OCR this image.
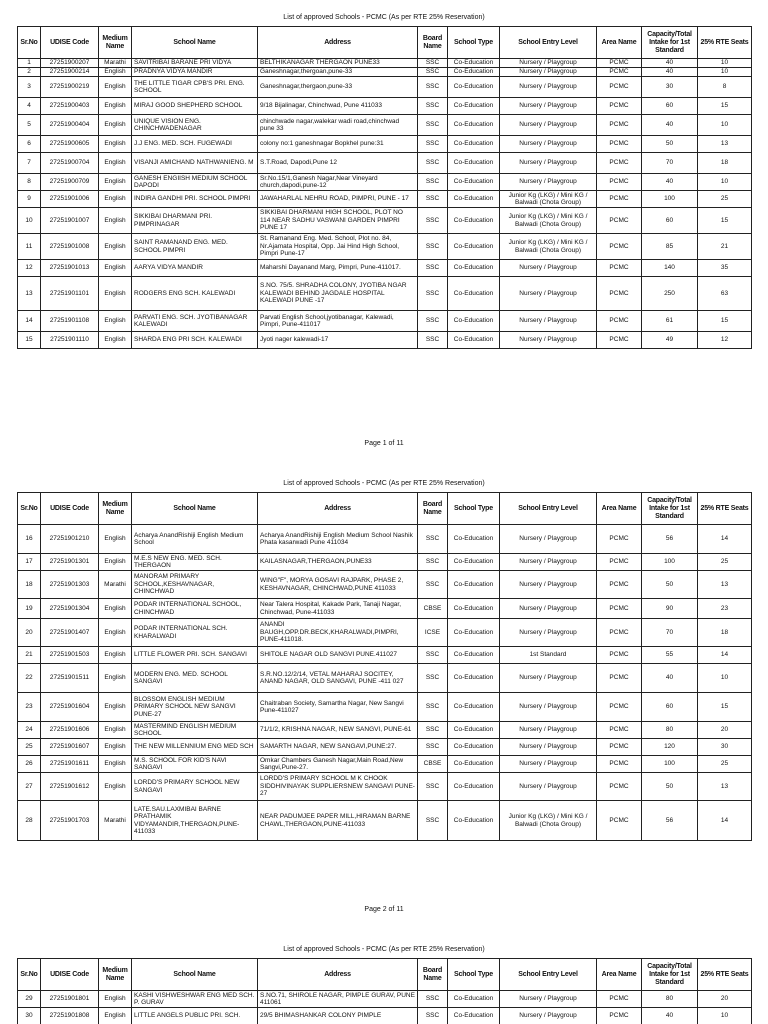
List of approved Schools - PCMC (As per RTE 25% Reservation)
Sr.No	UDISE Code	Medium Name	School Name	Address	Board Name	School Type	School Entry Level	Area Name	Capacity/Total Intake for 1st Standard	25% RTE Seats
1	27251900207	Marathi	SAVITRIBAI BARANE PRI VIDYA	BELTHIKANAGAR THERGAON PUNE33	SSC	Co-Education	Nursery / Playgroup	PCMC	40	10
2	27251900214	English	PRADNYA VIDYA MANDIR	Ganeshnagar,thergoan,pune-33	SSC	Co-Education	Nursery / Playgroup	PCMC	40	10
3	27251900219	English	THE LITTLE TIGAR CPB'S PRI. ENG. SCHOOL	Ganeshnagar,thergaon,pune-33	SSC	Co-Education	Nursery / Playgroup	PCMC	30	8
4	27251900403	English	MIRAJ GOOD SHEPHERD SCHOOL	9/18 Bijalinagar, Chinchwad, Pune 411033	SSC	Co-Education	Nursery / Playgroup	PCMC	60	15
5	27251900404	English	UNIQUE VISION ENG. CHINCHWADENAGAR	chinchwade nagar,walekar wadi road,chinchwad pune 33	SSC	Co-Education	Nursery / Playgroup	PCMC	40	10
6	27251900605	English	J.J ENG. MED. SCH. FUGEWADI	colony no:1 ganeshnagar Bopkhel pune:31	SSC	Co-Education	Nursery / Playgroup	PCMC	50	13
7	27251900704	English	VISANJI AMICHAND NATHWANIENG. M	S.T.Road, Dapodi,Pune 12	SSC	Co-Education	Nursery / Playgroup	PCMC	70	18
8	27251900709	English	GANESH ENGIISH MEDIUM SCHOOL DAPODI	Sr.No.15/1,Ganesh Nagar,Near Vineyard church,dapodi,pune-12	SSC	Co-Education	Nursery / Playgroup	PCMC	40	10
9	27251901006	English	INDIRA GANDHI PRI. SCHOOL PIMPRI	JAWAHARLAL NEHRU ROAD, PIMPRI, PUNE - 17	SSC	Co-Education	Junior Kg (LKG) / Mini KG / Balwadi (Chota Group)	PCMC	100	25
10	27251901007	English	SIKKIBAI DHARMANI PRI. PIMPRINAGAR	SIKKIBAI DHARMANI HIGH SCHOOL, PLOT NO 114 NEAR SADHU VASWANI GARDEN PIMPRI PUNE 17	SSC	Co-Education	Junior Kg (LKG) / Mini KG / Balwadi (Chota Group)	PCMC	60	15
11	27251901008	English	SAINT RAMANAND ENG. MED. SCHOOL PIMPRI	St. Ramanand Eng. Med. School, Plot no. 84, Nr.Ajamata Hospital, Opp. Jai Hind High School, Pimpri Pune-17	SSC	Co-Education	Junior Kg (LKG) / Mini KG / Balwadi (Chota Group)	PCMC	85	21
12	27251901013	English	AARYA VIDYA MANDIR	Maharshi Dayanand Marg, Pimpri, Pune-411017.	SSC	Co-Education	Nursery / Playgroup	PCMC	140	35
13	27251901101	English	RODGERS ENG SCH. KALEWADI	S.NO. 75/5. SHRADHA COLONY, JYOTIBA NGAR KALEWADI BEHIND JAGDALE HOSPITAL KALEWADI PUNE -17	SSC	Co-Education	Nursery / Playgroup	PCMC	250	63
14	27251901108	English	PARVATI ENG. SCH. JYOTIBANAGAR KALEWADI	Parvati English School,jyotibanagar, Kalewadi, Pimpri, Pune-411017	SSC	Co-Education	Nursery / Playgroup	PCMC	61	15
15	27251901110	English	SHARDA ENG PRI SCH. KALEWADI	Jyoti nager kalewadi-17	SSC	Co-Education	Nursery / Playgroup	PCMC	49	12
Page 1 of 11
List of approved Schools - PCMC (As per RTE 25% Reservation)
Sr.No	UDISE Code	Medium Name	School Name	Address	Board Name	School Type	School Entry Level	Area Name	Capacity/Total Intake for 1st Standard	25% RTE Seats
16	27251901210	English	Acharya AnandRishiji English Medium School	Acharya AnandRishiji English Medium School Nashik Phata kasarwadi Pune 411034	SSC	Co-Education	Nursery / Playgroup	PCMC	56	14
17	27251901301	English	M.E.S NEW ENG. MED. SCH. THERGAON	KAILASNAGAR,THERGAON,PUNE33	SSC	Co-Education	Nursery / Playgroup	PCMC	100	25
18	27251901303	Marathi	MANORAM PRIMARY SCHOOL,KESHAVNAGAR, CHINCHWAD	WING"F", MORYA GOSAVI RAJPARK, PHASE 2, KESHAVNAGAR, CHINCHWAD,PUNE 411033	SSC	Co-Education	Nursery / Playgroup	PCMC	50	13
19	27251901304	English	PODAR INTERNATIONAL SCHOOL, CHINCHWAD	Near Talera Hospital, Kakade Park, Tanaji Nagar, Chinchwad, Pune-411033	CBSE	Co-Education	Nursery / Playgroup	PCMC	90	23
20	27251901407	English	PODAR INTERNATIONAL SCH. KHARALWADI	ANANDI BAUGH,OPP.DR.BECK,KHARALWADI,PIMPRI, PUNE-411018.	ICSE	Co-Education	Nursery / Playgroup	PCMC	70	18
21	27251901503	English	LITTLE FLOWER PRI. SCH. SANGAVI	SHITOLE NAGAR OLD SANGVI PUNE.411027	SSC	Co-Education	1st Standard	PCMC	55	14
22	27251901511	English	MODERN ENG. MED. SCHOOL SANGAVI	S.R.NO.12/2/14, VETAL MAHARAJ SOCITEY, ANAND NAGAR, OLD SANGAVI, PUNE -411 027	SSC	Co-Education	Nursery / Playgroup	PCMC	40	10
23	27251901604	English	BLOSSOM ENGLISH MEDIUM PRIMARY SCHOOL NEW SANGVI PUNE-27	Chaitraban Society, Samartha Nagar, New Sangvi Pune-411027	SSC	Co-Education	Nursery / Playgroup	PCMC	60	15
24	27251901606	English	MASTERMIND ENGLISH MEDIUM SCHOOL	71/1/2, KRISHNA NAGAR, NEW SANGVI, PUNE-61	SSC	Co-Education	Nursery / Playgroup	PCMC	80	20
25	27251901607	English	THE NEW MILLENNIUM ENG MED SCH	SAMARTH NAGAR, NEW SANGAVI,PUNE:27.	SSC	Co-Education	Nursery / Playgroup	PCMC	120	30
26	27251901611	English	M.S. SCHOOL FOR KID'S NAVI SANGAVI	Omkar Chambers Ganesh Nagar,Main Road,New Sangvi,Pune-27.	CBSE	Co-Education	Nursery / Playgroup	PCMC	100	25
27	27251901612	English	LORDD'S PRIMARY SCHOOL NEW SANGAVI	LORDD'S PRIMARY SCHOOL M K CHOOK SIDDHIVINAYAK SUPPLIERSNEW SANGAVI PUNE-27	SSC	Co-Education	Nursery / Playgroup	PCMC	50	13
28	27251901703	Marathi	LATE.SAU.LAXMIBAI BARNE PRATHAMIK VIDYAMANDIR,THERGAON,PUNE-411033	NEAR PADUMJEE PAPER MILL,HIRAMAN BARNE CHAWL,THERGAON,PUNE-411033	SSC	Co-Education	Junior Kg (LKG) / Mini KG / Balwadi (Chota Group)	PCMC	56	14
Page 2 of 11
List of approved Schools - PCMC (As per RTE 25% Reservation)
Sr.No	UDISE Code	Medium Name	School Name	Address	Board Name	School Type	School Entry Level	Area Name	Capacity/Total Intake for 1st Standard	25% RTE Seats
29	27251901801	English	KASHI VISHWESHWAR ENG MED SCH. P. GURAV	S.NO.71, SHIROLE NAGAR, PIMPLE GURAV, PUNE 411061	SSC	Co-Education	Nursery / Playgroup	PCMC	80	20
30	27251901808	English	LITTLE ANGELS PUBLIC PRI. SCH.	29/5 BHIMASHANKAR COLONY PIMPLE	SSC	Co-Education	Nursery / Playgroup	PCMC	40	10
